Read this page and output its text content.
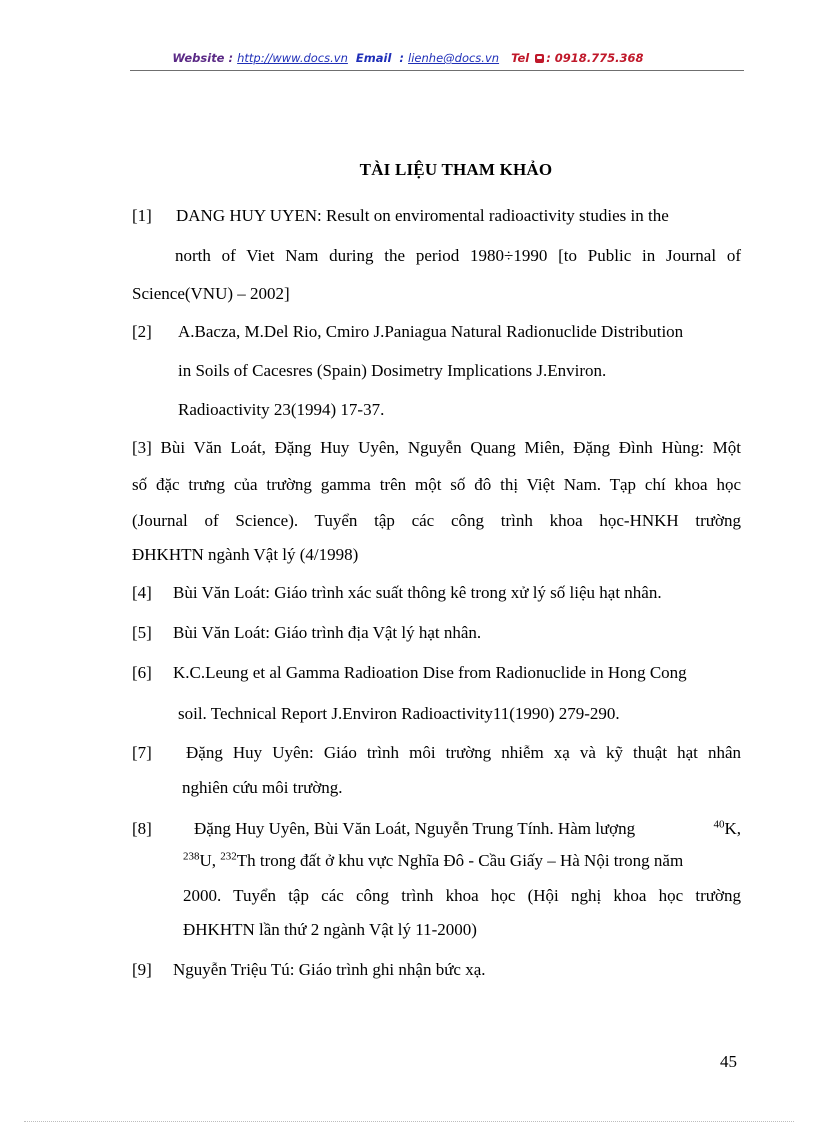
Website : http://www.docs.vn Email : lienhe@docs.vn Tel : 0918.775.368
TÀI LIỆU THAM KHẢO
[1] DANG HUY UYEN: Result on enviromental radioactivity studies in the
north of Viet Nam during the period 1980÷1990 [to Public in Journal of
Science(VNU) – 2002]
[2] A.Bacza, M.Del Rio, Cmiro J.Paniagua Natural Radionuclide Distribution
in Soils of Cacesres (Spain) Dosimetry Implications J.Environ.
Radioactivity 23(1994) 17-37.
[3] Bùi Văn Loát, Đặng Huy Uyên, Nguyễn Quang Miên, Đặng Đình Hùng: Một
số đặc trưng của trường gamma trên một số đô thị Việt Nam. Tạp chí khoa học
(Journal of Science). Tuyển tập các công trình khoa học-HNKH trường
ĐHKHTN ngành Vật lý (4/1998)
[4] Bùi Văn Loát: Giáo trình xác suất thông kê trong xử lý số liệu hạt nhân.
[5] Bùi Văn Loát: Giáo trình địa Vật lý hạt nhân.
[6] K.C.Leung et al Gamma Radioation Dise from Radionuclide in Hong Cong
soil. Technical Report J.Environ Radioactivity11(1990) 279-290.
[7] Đặng Huy Uyên: Giáo trình môi trường nhiễm xạ và kỹ thuật hạt nhân
nghiên cứu môi trường.
[8] Đặng Huy Uyên, Bùi Văn Loát, Nguyễn Trung Tính. Hàm lượng	$^{40}$K,
$^{238}$U, $^{232}$Th trong đất ở khu vực Nghĩa Đô - Cầu Giấy – Hà Nội trong năm
2000. Tuyển tập các công trình khoa học (Hội nghị khoa học trường
ĐHKHTN lần thứ 2 ngành Vật lý 11-2000)
[9] Nguyễn Triệu Tú: Giáo trình ghi nhận bức xạ.
45
